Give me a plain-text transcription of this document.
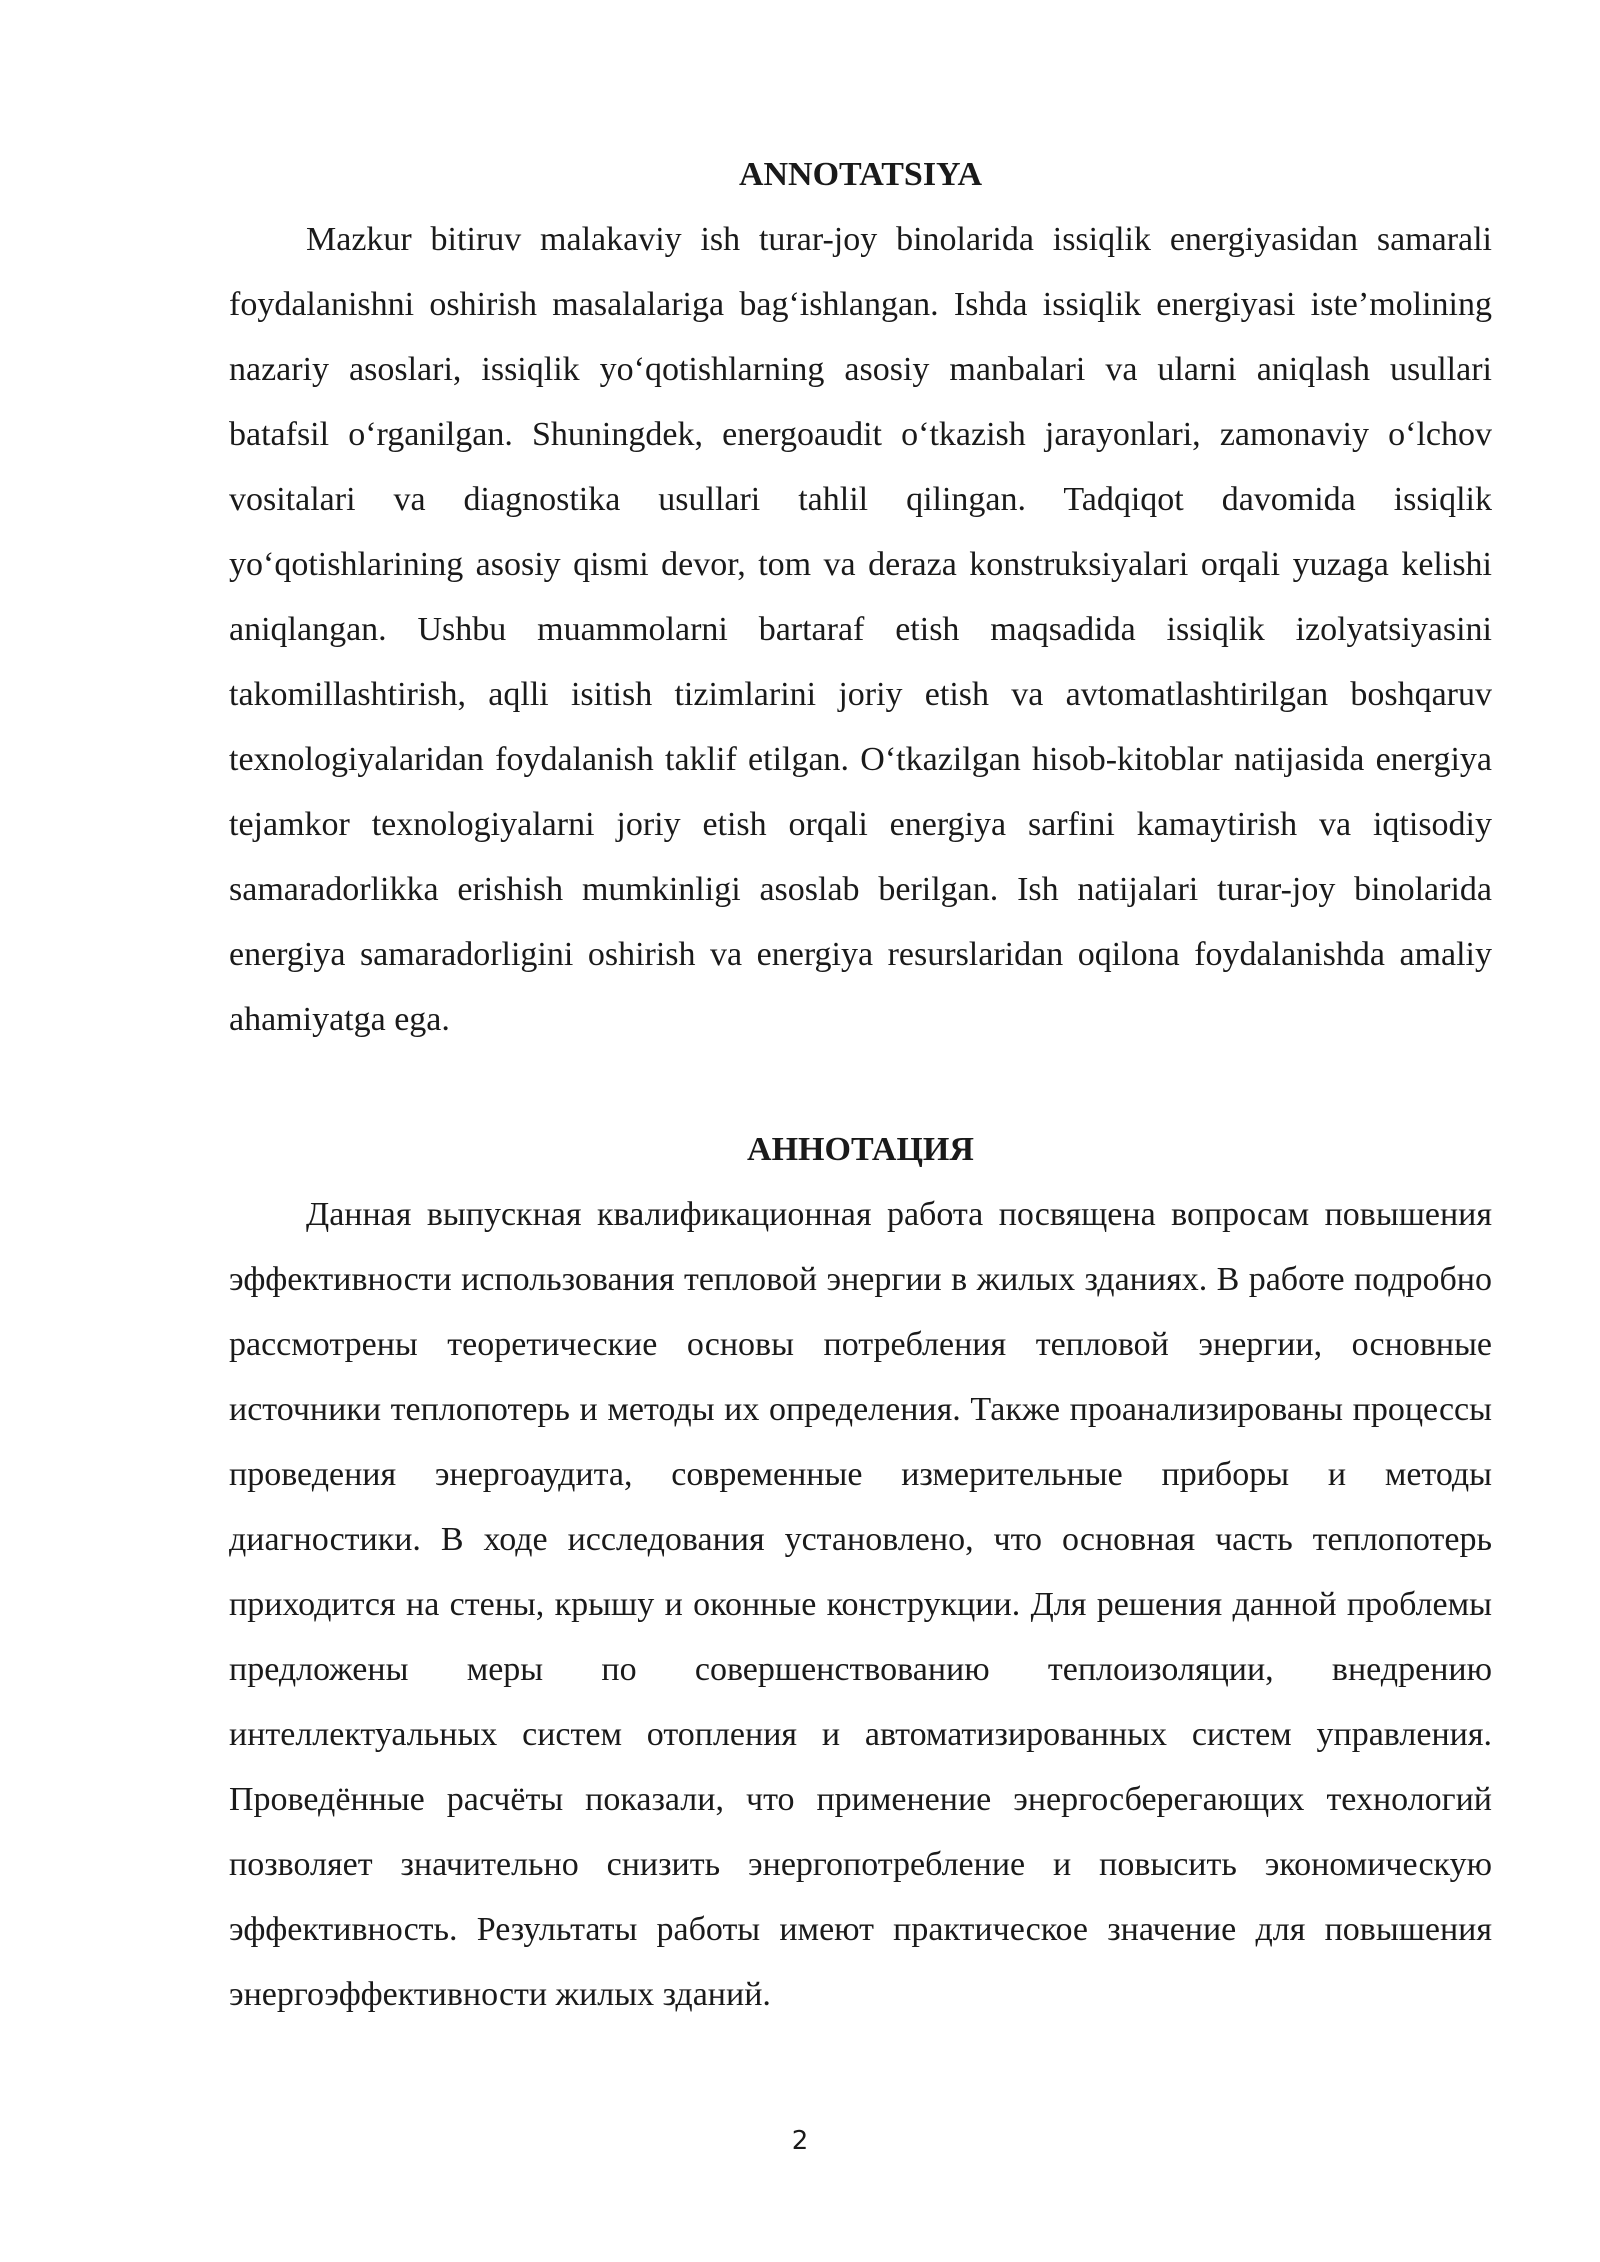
ANNOTATSIYA

Mazkur bitiruv malakaviy ish turar-joy binolarida issiqlik energiyasidan samarali foydalanishni oshirish masalalariga bag‘ishlangan. Ishda issiqlik energiyasi iste’molining nazariy asoslari, issiqlik yo‘qotishlarning asosiy manbalari va ularni aniqlash usullari batafsil o‘rganilgan. Shuningdek, energoaudit o‘tkazish jarayonlari, zamonaviy o‘lchov vositalari va diagnostika usullari tahlil qilingan. Tadqiqot davomida issiqlik yo‘qotishlarining asosiy qismi devor, tom va deraza konstruksiyalari orqali yuzaga kelishi aniqlangan. Ushbu muammolarni bartaraf etish maqsadida issiqlik izolyatsiyasini takomillashtirish, aqlli isitish tizimlarini joriy etish va avtomatlashtirilgan boshqaruv texnologiyalaridan foydalanish taklif etilgan. O‘tkazilgan hisob-kitoblar natijasida energiya tejamkor texnologiyalarni joriy etish orqali energiya sarfini kamaytirish va iqtisodiy samaradorlikka erishish mumkinligi asoslab berilgan. Ish natijalari turar-joy binolarida energiya samaradorligini oshirish va energiya resurslaridan oqilona foydalanishda amaliy ahamiyatga ega.

АННОТАЦИЯ

Данная выпускная квалификационная работа посвящена вопросам повышения эффективности использования тепловой энергии в жилых зданиях. В работе подробно рассмотрены теоретические основы потребления тепловой энергии, основные источники теплопотерь и методы их определения. Также проанализированы процессы проведения энергоаудита, современные измерительные приборы и методы диагностики. В ходе исследования установлено, что основная часть теплопотерь приходится на стены, крышу и оконные конструкции. Для решения данной проблемы предложены меры по совершенствованию теплоизоляции, внедрению интеллектуальных систем отопления и автоматизированных систем управления. Проведённые расчёты показали, что применение энергосберегающих технологий позволяет значительно снизить энергопотребление и повысить экономическую эффективность. Результаты работы имеют практическое значение для повышения энергоэффективности жилых зданий.

2
